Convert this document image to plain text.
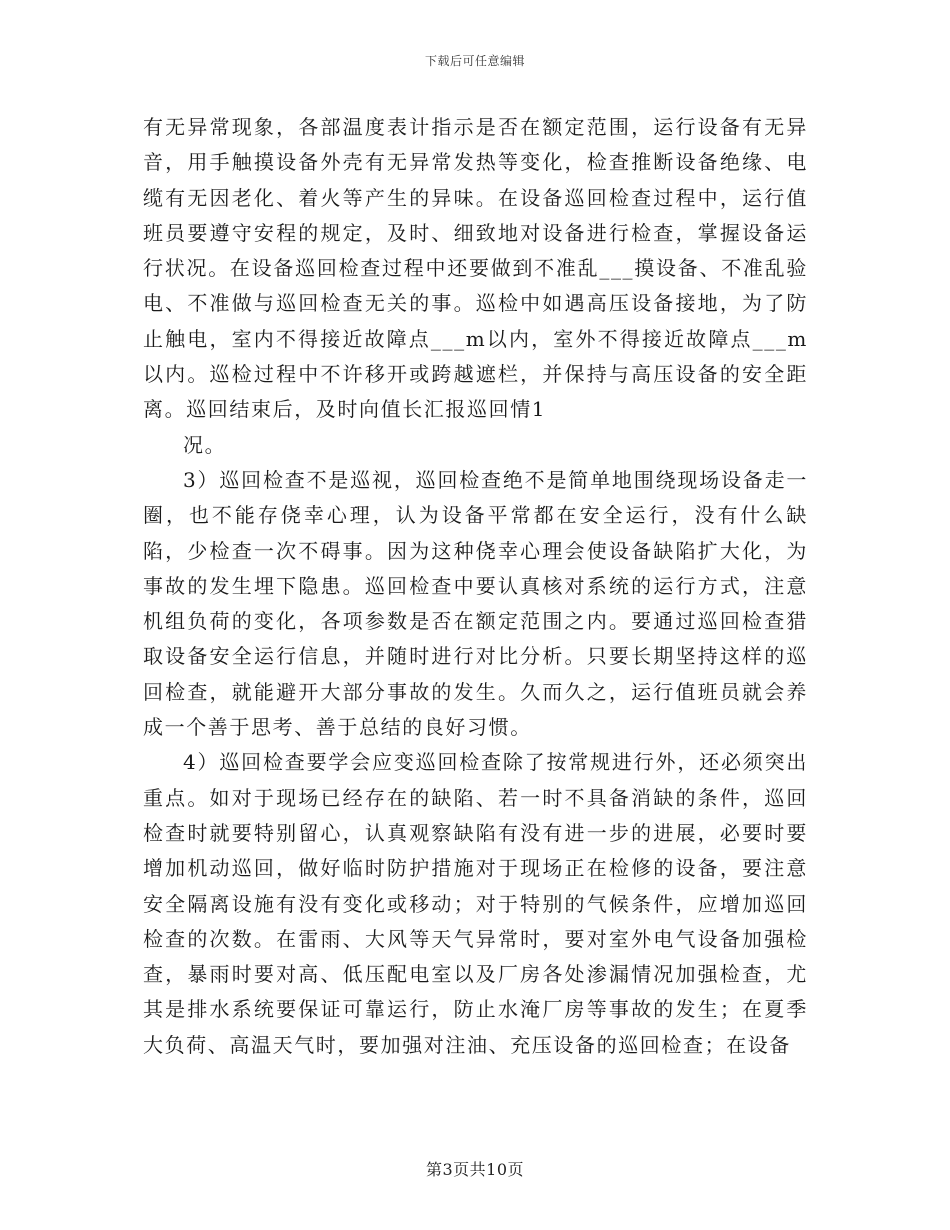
下载后可任意编辑

有无异常现象，各部温度表计指示是否在额定范围，运行设备有无异音，用手触摸设备外壳有无异常发热等变化，检查推断设备绝缘、电缆有无因老化、着火等产生的异味。在设备巡回检查过程中，运行值班员要遵守安程的规定，及时、细致地对设备进行检查，掌握设备运行状况。在设备巡回检查过程中还要做到不准乱___摸设备、不准乱验电、不准做与巡回检查无关的事。巡检中如遇高压设备接地，为了防止触电，室内不得接近故障点___m以内，室外不得接近故障点___m以内。巡检过程中不许移开或跨越遮栏，并保持与高压设备的安全距离。巡回结束后，及时向值长汇报巡回情1

况。

3）巡回检查不是巡视，巡回检查绝不是简单地围绕现场设备走一圈，也不能存侥幸心理，认为设备平常都在安全运行，没有什么缺陷，少检查一次不碍事。因为这种侥幸心理会使设备缺陷扩大化，为事故的发生埋下隐患。巡回检查中要认真核对系统的运行方式，注意机组负荷的变化，各项参数是否在额定范围之内。要通过巡回检查猎取设备安全运行信息，并随时进行对比分析。只要长期坚持这样的巡回检查，就能避开大部分事故的发生。久而久之，运行值班员就会养成一个善于思考、善于总结的良好习惯。

4）巡回检查要学会应变巡回检查除了按常规进行外，还必须突出重点。如对于现场已经存在的缺陷、若一时不具备消缺的条件，巡回检查时就要特别留心，认真观察缺陷有没有进一步的进展，必要时要增加机动巡回，做好临时防护措施对于现场正在检修的设备，要注意安全隔离设施有没有变化或移动；对于特别的气候条件，应增加巡回检查的次数。在雷雨、大风等天气异常时，要对室外电气设备加强检查，暴雨时要对高、低压配电室以及厂房各处渗漏情况加强检查，尤其是排水系统要保证可靠运行，防止水淹厂房等事故的发生；在夏季大负荷、高温天气时，要加强对注油、充压设备的巡回检查；在设备

第3页共10页
